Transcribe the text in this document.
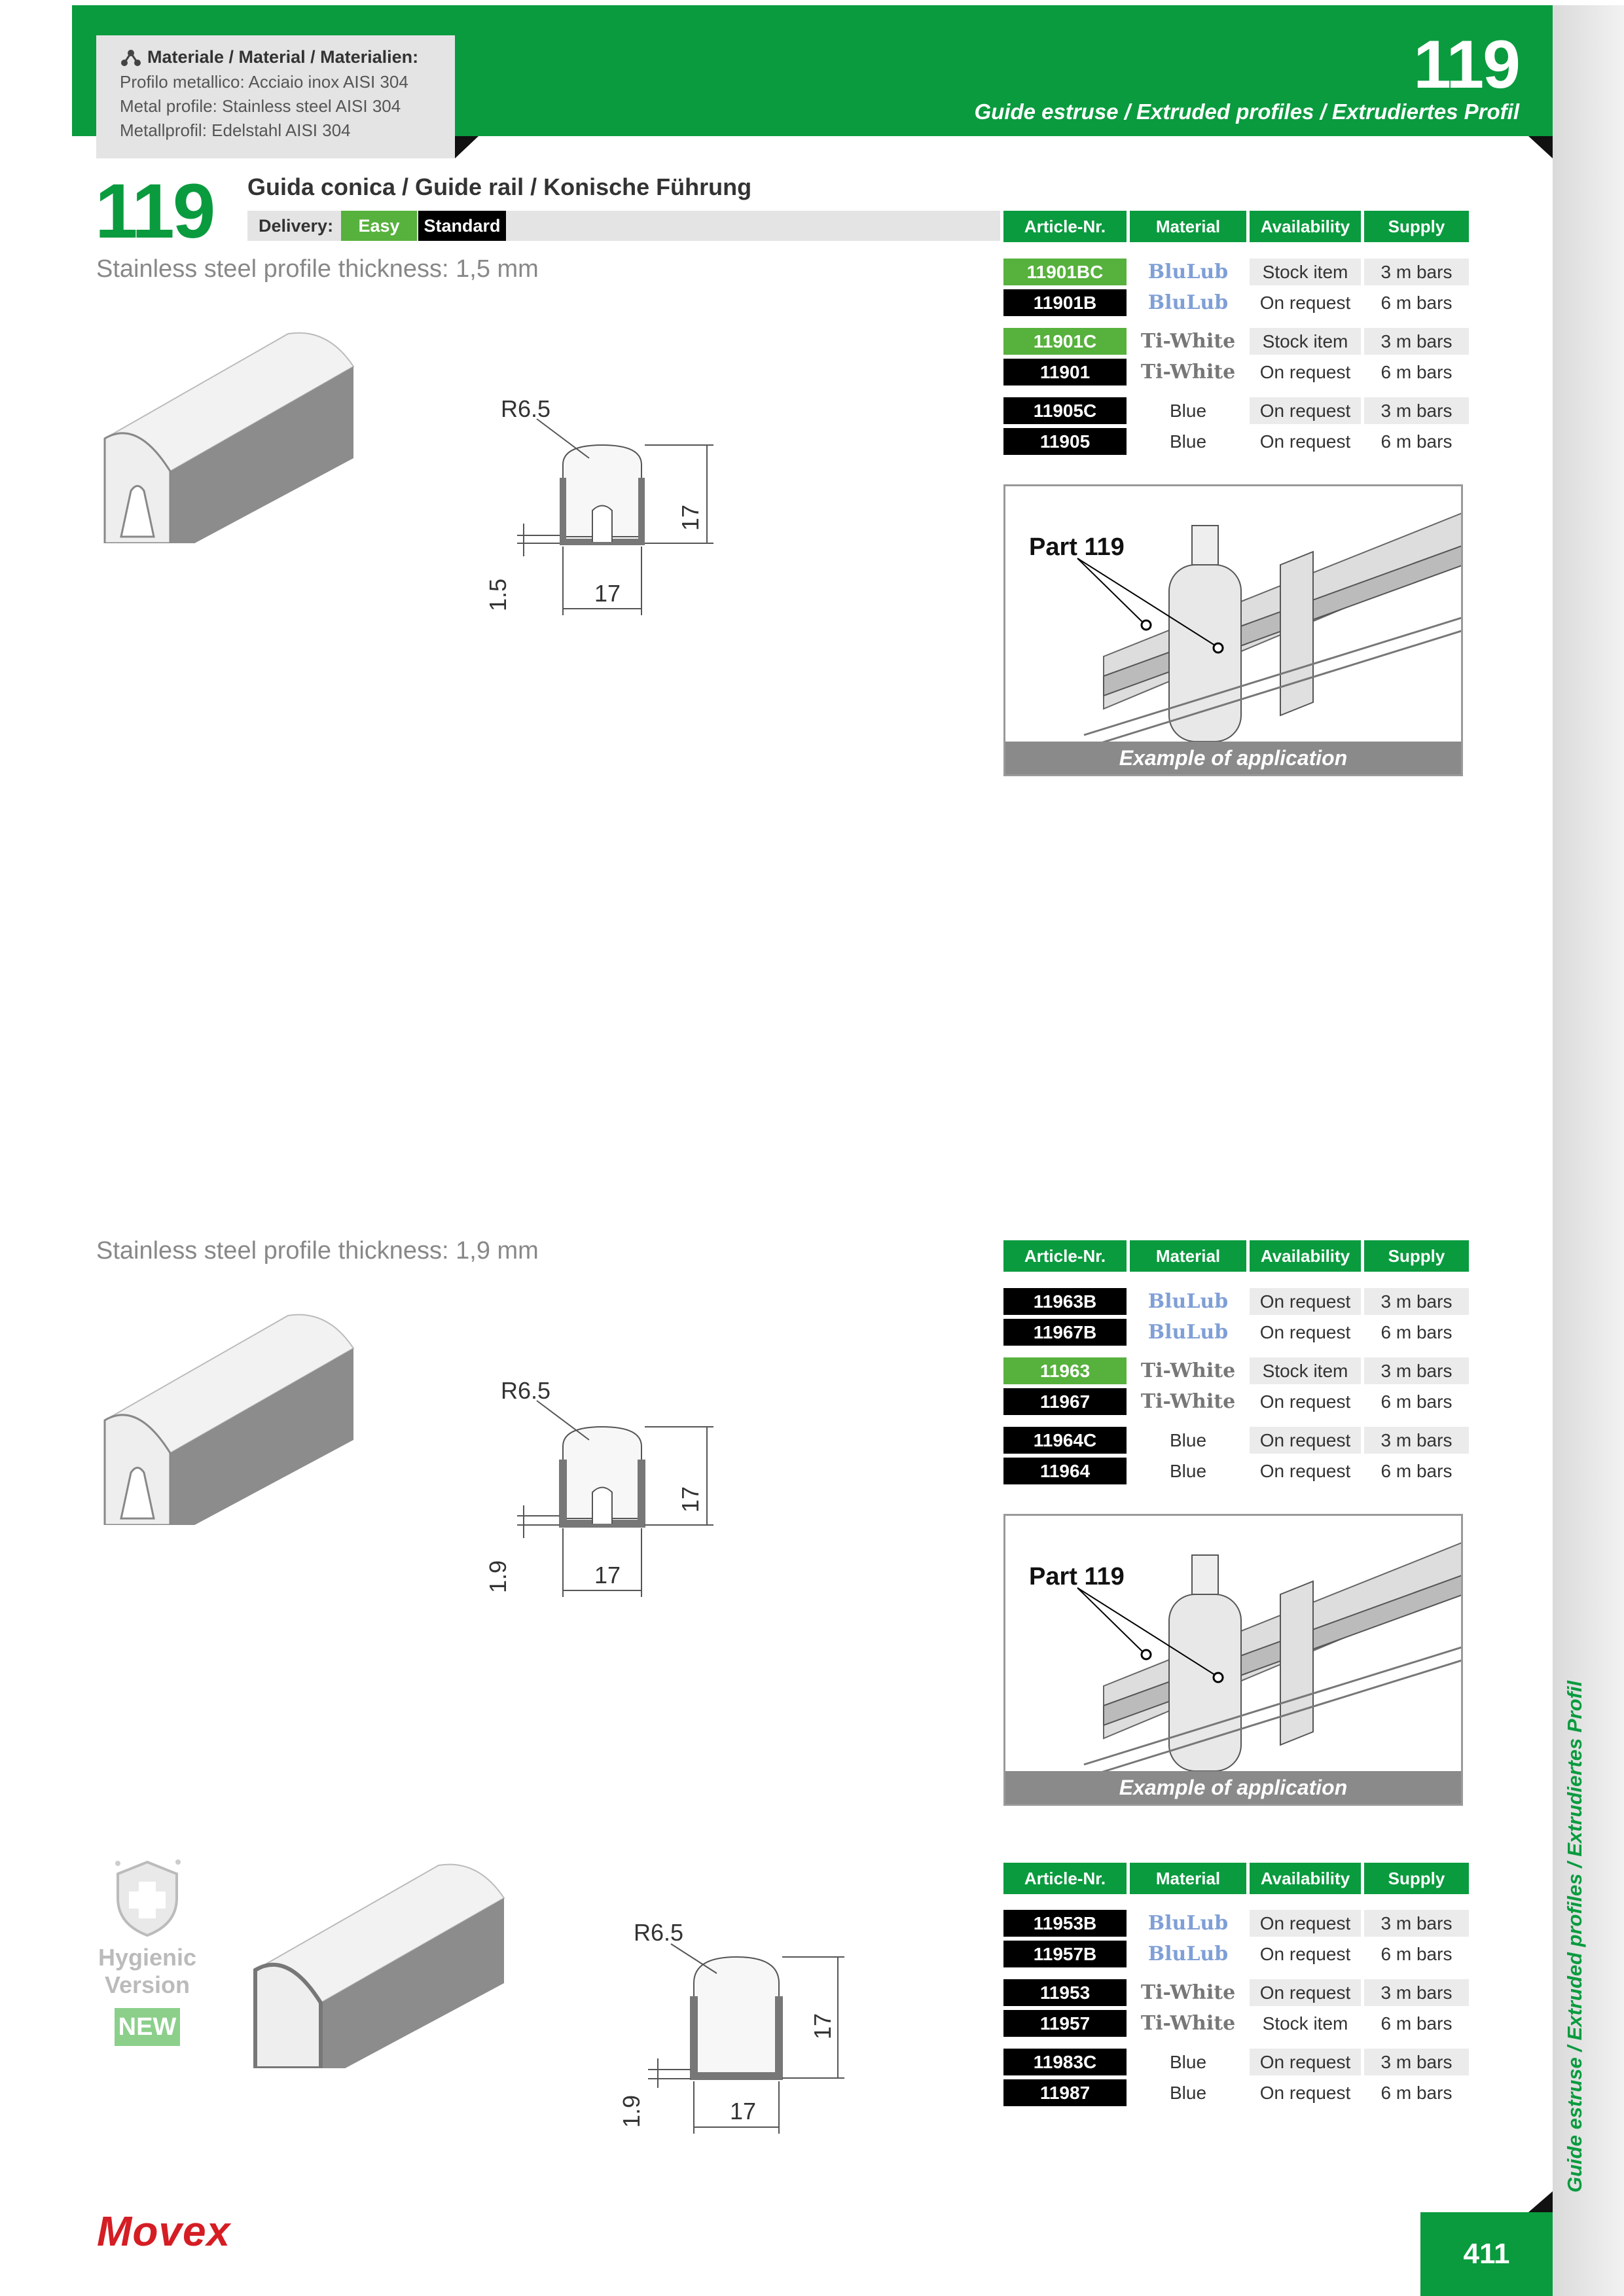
Materiale / Material / Materialien:
Profilo metallico: Acciaio inox AISI 304
Metal profile: Stainless steel AISI 304
Metallprofil: Edelstahl AISI 304
119
Guide estruse / Extruded profiles / Extrudiertes Profil
Guide estruse / Extruded profiles / Extrudiertes Profil
411
119 Guida conica / Guide rail / Konische Führung
Delivery:	Easy	Standard
Stainless steel profile thickness: 1,5 mm
R6.5
17
17
1.5
Article-Nr.	Material	Availability	Supply
11901BC	BluLub	Stock item	3 m bars
11901B	BluLub	On request	6 m bars
11901C	Ti-White	Stock item	3 m bars
11901	Ti-White	On request	6 m bars
11905C	Blue	On request	3 m bars
11905	Blue	On request	6 m bars
Part 119
Example of application
Stainless steel profile thickness: 1,9 mm
R6.5
17
17
1.9
Article-Nr.	Material	Availability	Supply
11963B	BluLub	On request	3 m bars
11967B	BluLub	On request	6 m bars
11963	Ti-White	Stock item	3 m bars
11967	Ti-White	On request	6 m bars
11964C	Blue	On request	3 m bars
11964	Blue	On request	6 m bars
Part 119
Example of application
Hygienic
Version
NEW
R6.5
17
17
1.9
Article-Nr.	Material	Availability	Supply
11953B	BluLub	On request	3 m bars
11957B	BluLub	On request	6 m bars
11953	Ti-White	On request	3 m bars
11957	Ti-White	Stock item	6 m bars
11983C	Blue	On request	3 m bars
11987	Blue	On request	6 m bars
Movex
